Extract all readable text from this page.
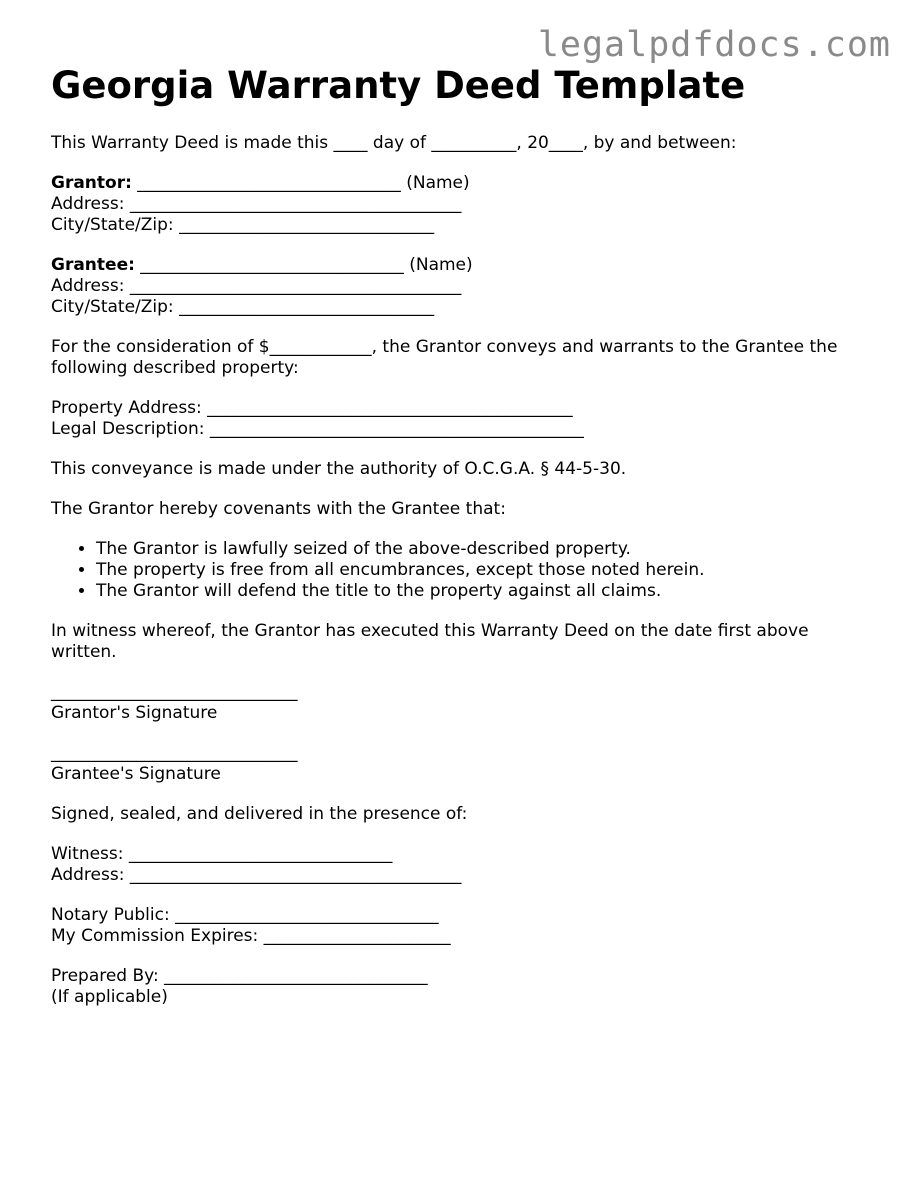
legalpdfdocs.com
Georgia Warranty Deed Template

This Warranty Deed is made this ____ day of __________, 20____, by and between:

Grantor: _______________________________ (Name)
Address: _______________________________________
City/State/Zip: ______________________________

Grantee: _______________________________ (Name)
Address: _______________________________________
City/State/Zip: ______________________________

For the consideration of $____________, the Grantor conveys and warrants to the Grantee the following described property:

Property Address: ___________________________________________
Legal Description: ____________________________________________

This conveyance is made under the authority of O.C.G.A. § 44-5-30.

The Grantor hereby covenants with the Grantee that:

• The Grantor is lawfully seized of the above-described property.
• The property is free from all encumbrances, except those noted herein.
• The Grantor will defend the title to the property against all claims.

In witness whereof, the Grantor has executed this Warranty Deed on the date first above written.

_____________________________
Grantor's Signature

_____________________________
Grantee's Signature

Signed, sealed, and delivered in the presence of:

Witness: _______________________________
Address: _______________________________________

Notary Public: _______________________________
My Commission Expires: ______________________

Prepared By: _______________________________
(If applicable)
